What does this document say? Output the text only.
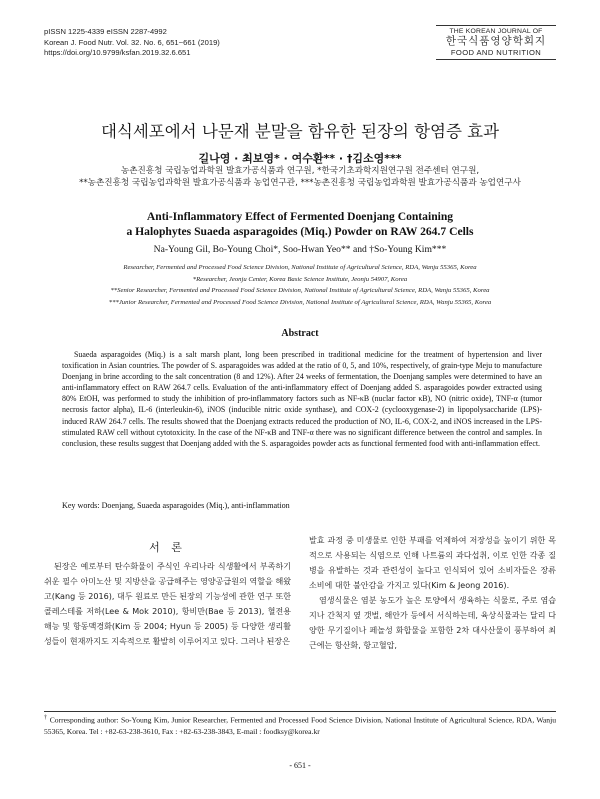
pISSN 1225-4339 eISSN 2287-4992
Korean J. Food Nutr. Vol. 32. No. 6, 651~661 (2019)
https://doi.org/10.9799/ksfan.2019.32.6.651
THE KOREAN JOURNAL OF
한국식품영양학회지
FOOD AND NUTRITION
대식세포에서 나문재 분말을 함유한 된장의 항염증 효과
길나영 · 최보영* · 여수환** · †김소영***
농촌진흥청 국립농업과학원 발효가공식품과 연구원, *한국기초과학지원연구원 전주센터 연구원,
**농촌진흥청 국립농업과학원 발효가공식품과 농업연구관, ***농촌진흥청 국립농업과학원 발효가공식품과 농업연구사
Anti-Inflammatory Effect of Fermented Doenjang Containing
a Halophytes Suaeda asparagoides (Miq.) Powder on RAW 264.7 Cells
Na-Young Gil, Bo-Young Choi*, Soo-Hwan Yeo** and †So-Young Kim***
Researcher, Fermented and Processed Food Science Division, National Institute of Agricultural Science, RDA, Wanju 55365, Korea
*Researcher, Jeonju Center, Korea Basic Science Institute, Jeonju 54907, Korea
**Senior Researcher, Fermented and Processed Food Science Division, National Institute of Agricultural Science, RDA, Wanju 55365, Korea
***Junior Researcher, Fermented and Processed Food Science Division, National Institute of Agricultural Science, RDA, Wanju 55365, Korea
Abstract

Suaeda asparagoides (Miq.) is a salt marsh plant, long been prescribed in traditional medicine for the treatment of hypertension and liver toxification in Asian countries. The powder of S. asparagoides was added at the ratio of 0, 5, and 10%, respectively, of grain-type Meju to manufacture Doenjang in brine according to the salt concentration (8 and 12%). After 24 weeks of fermentation, the Doenjang samples were determined to have an anti-inflammatory effect on RAW 264.7 cells. Evaluation of the anti-inflammatory effect of Doenjang added S. asparagoides powder extracted using 80% EtOH, was performed to study the inhibition of pro-inflammatory factors such as NF-κB (nuclar factor κB), NO (nitric oxide), TNF-α (tumor necrosis factor alpha), IL-6 (interleukin-6), iNOS (inducible nitric oxide synthase), and COX-2 (cyclooxygenase-2) in lipopolysaccharide (LPS)-induced RAW 264.7 cells. The results showed that the Doenjang extracts reduced the production of NO, IL-6, COX-2, and iNOS increased in the LPS-stimulated RAW cell without cytotoxicity. In the case of the NF-κB and TNF-α there was no significant difference between the control and samples. In conclusion, these results suggest that Doenjang added with the S. asparagoides powder acts as functional fermented food with anti-inflammation effect.

Key words: Doenjang, Suaeda asparagoides (Miq.), anti-inflammation
서 론

된장은 예로부터 탄수화물이 주식인 우리나라 식생활에서 부족하기 쉬운 필수 아미노산 및 지방산을 공급해주는 영양공급원의 역할을 해왔고(Kang 등 2016), 대두 원료로 만든 된장의 기능성에 관한 연구 또한 콜레스테롤 저하(Lee & Mok 2010), 항비만(Bae 등 2013), 혈전용해능 및 항동맥경화(Kim 등 2004; Hyun 등 2005) 등 다양한 생리활성들이 현재까지도 지속적으로 활발히 이루어지고 있다. 그러나 된장은

발효 과정 중 미생물로 인한 부패를 억제하여 저장성을 높이기 위한 목적으로 사용되는 식염으로 인해 나트륨의 과다섭취, 이로 인한 각종 질병을 유발하는 것과 관련성이 높다고 인식되어 있어 소비자들은 장류 소비에 대한 불안감을 가지고 있다(Kim & Jeong 2016).

염생식물은 염분 농도가 높은 토양에서 생육하는 식물로, 주로 염습지나 간척지 옆 갯벌, 해안가 등에서 서식하는데, 육상식물과는 달리 다양한 무기질이나 페놀성 화합물을 포함한 2차 대사산물이 풍부하여 최근에는 항산화, 항고혈압,

† Corresponding author: So-Young Kim, Junior Researcher, Fermented and Processed Food Science Division, National Institute of Agricultural Science, RDA, Wanju 55365, Korea. Tel : +82-63-238-3610, Fax : +82-63-238-3843, E-mail : foodksy@korea.kr
- 651 -
